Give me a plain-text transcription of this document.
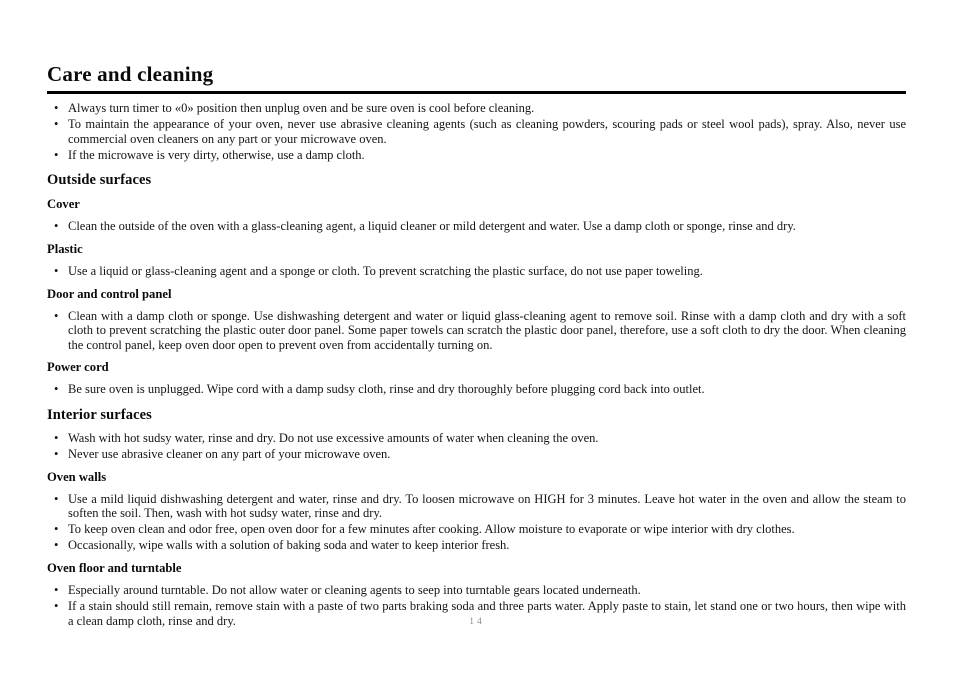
Care and cleaning
• Always turn timer to «0» position then unplug oven and be sure oven is cool before cleaning.
• To maintain the appearance of your oven, never use abrasive cleaning agents (such as cleaning powders, scouring pads or steel wool pads), spray. Also, never use commercial oven cleaners on any part or your microwave oven.
• If the microwave is very dirty, otherwise, use a damp cloth.
Outside surfaces
Cover
• Clean the outside of the oven with a glass-cleaning agent, a liquid cleaner or mild detergent and water. Use a damp cloth or sponge, rinse and dry.
Plastic
• Use a liquid or glass-cleaning agent and a sponge or cloth. To prevent scratching the plastic surface, do not use paper toweling.
Door and control panel
• Clean with a damp cloth or sponge. Use dishwashing detergent and water or liquid glass-cleaning agent to remove soil. Rinse with a damp cloth and dry with a soft cloth to prevent scratching the plastic outer door panel. Some paper towels can scratch the plastic door panel, therefore, use a soft cloth to dry the door. When cleaning the control panel, keep oven door open to prevent oven from accidentally turning on.
Power cord
• Be sure oven is unplugged. Wipe cord with a damp sudsy cloth, rinse and dry thoroughly before plugging cord back into outlet.
Interior surfaces
• Wash with hot sudsy water, rinse and dry. Do not use excessive amounts of water when cleaning the oven.
• Never use abrasive cleaner on any part of your microwave oven.
Oven walls
• Use a mild liquid dishwashing detergent and water, rinse and dry. To loosen microwave on HIGH for 3 minutes. Leave hot water in the oven and allow the steam to soften the soil. Then, wash with hot sudsy water, rinse and dry.
• To keep oven clean and odor free, open oven door for a few minutes after cooking. Allow moisture to evaporate or wipe interior with dry clothes.
• Occasionally, wipe walls with a solution of baking soda and water to keep interior fresh.
Oven floor and turntable
• Especially around turntable. Do not allow water or cleaning agents to seep into turntable gears located underneath.
• If a stain should still remain, remove stain with a paste of two parts braking soda and three parts water. Apply paste to stain, let stand one or two hours, then wipe with a clean damp cloth, rinse and dry.	14
